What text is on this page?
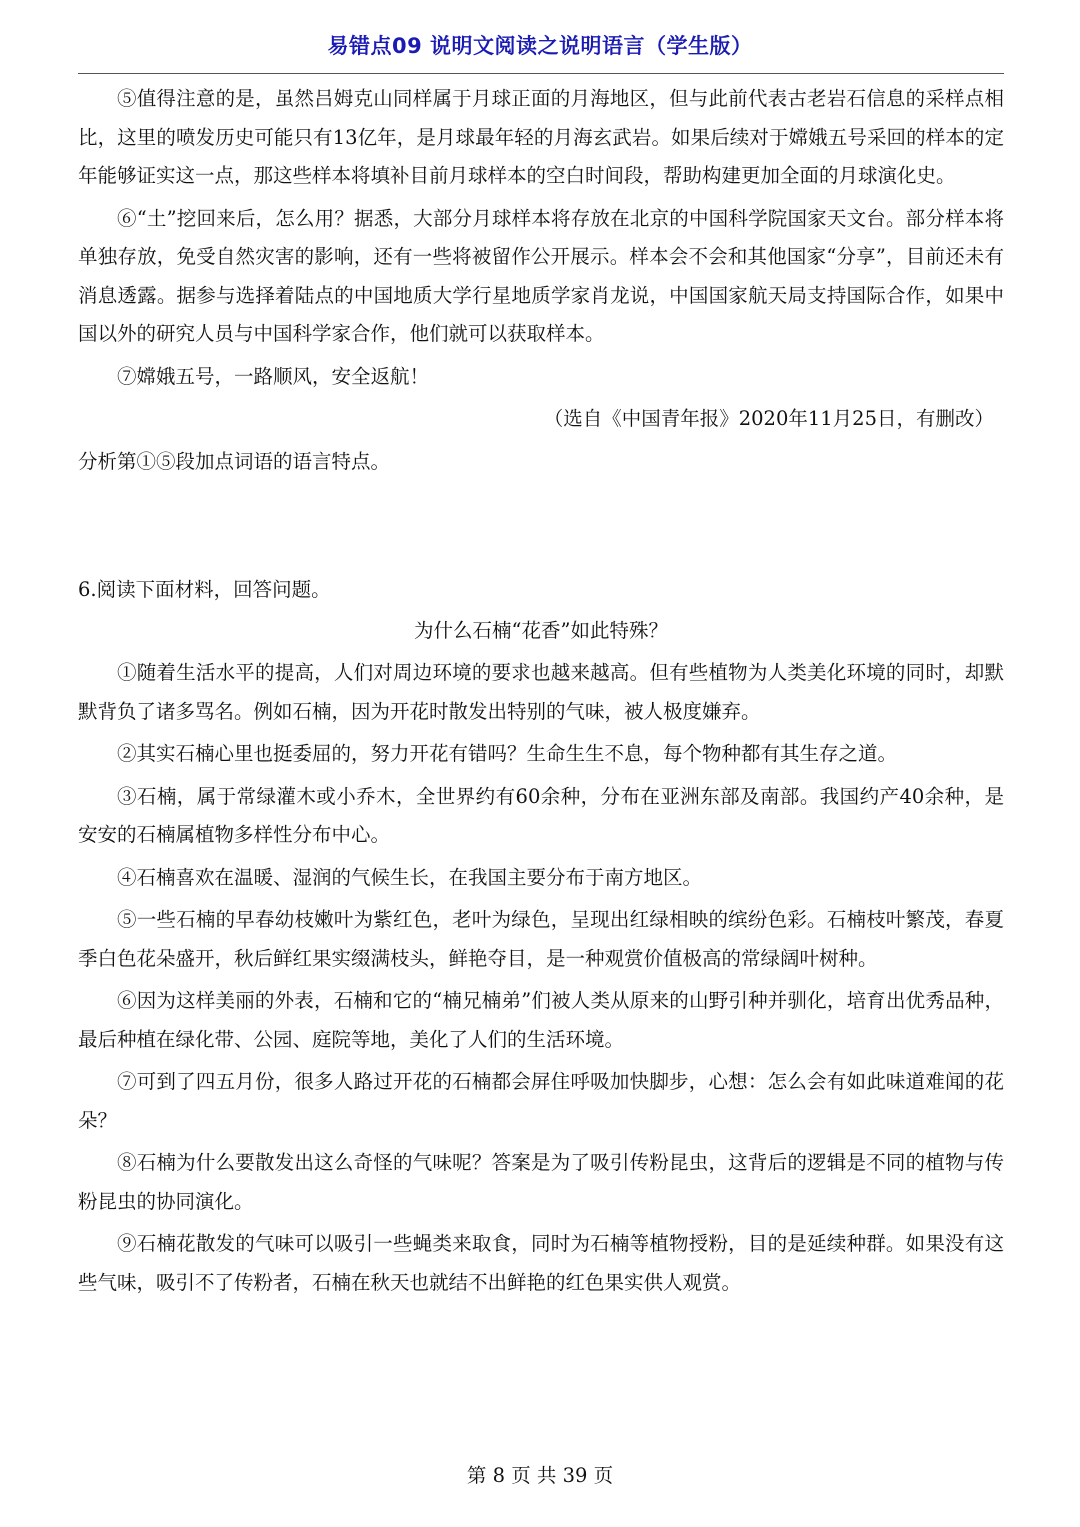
易错点09 说明文阅读之说明语言（学生版）

⑤值得注意的是，虽然吕姆克山同样属于月球正面的月海地区，但与此前代表古老岩石信息的采样点相比，这里的喷发历史可能只有13亿年，是月球最年轻的月海玄武岩。如果后续对于嫦娥五号采回的样本的定年能够证实这一点，那这些样本将填补目前月球样本的空白时间段，帮助构建更加全面的月球演化史。

⑥“土”挖回来后，怎么用？据悉，大部分月球样本将存放在北京的中国科学院国家天文台。部分样本将单独存放，免受自然灾害的影响，还有一些将被留作公开展示。样本会不会和其他国家“分享”，目前还未有消息透露。据参与选择着陆点的中国地质大学行星地质学家肖龙说，中国国家航天局支持国际合作，如果中国以外的研究人员与中国科学家合作，他们就可以获取样本。

⑦嫦娥五号，一路顺风，安全返航！

（选自《中国青年报》2020年11月25日，有删改）

分析第①⑤段加点词语的语言特点。

6.阅读下面材料，回答问题。

为什么石楠“花香”如此特殊？

①随着生活水平的提高，人们对周边环境的要求也越来越高。但有些植物为人类美化环境的同时，却默默背负了诸多骂名。例如石楠，因为开花时散发出特别的气味，被人极度嫌弃。

②其实石楠心里也挺委屈的，努力开花有错吗？生命生生不息，每个物种都有其生存之道。

③石楠，属于常绿灌木或小乔木，全世界约有60余种，分布在亚洲东部及南部。我国约产40余种，是安安的石楠属植物多样性分布中心。

④石楠喜欢在温暖、湿润的气候生长，在我国主要分布于南方地区。

⑤一些石楠的早春幼枝嫩叶为紫红色，老叶为绿色，呈现出红绿相映的缤纷色彩。石楠枝叶繁茂，春夏季白色花朵盛开，秋后鲜红果实缀满枝头，鲜艳夺目，是一种观赏价值极高的常绿阔叶树种。

⑥因为这样美丽的外表，石楠和它的“楠兄楠弟”们被人类从原来的山野引种并驯化，培育出优秀品种，最后种植在绿化带、公园、庭院等地，美化了人们的生活环境。

⑦可到了四五月份，很多人路过开花的石楠都会屏住呼吸加快脚步，心想：怎么会有如此味道难闻的花朵？

⑧石楠为什么要散发出这么奇怪的气味呢？答案是为了吸引传粉昆虫，这背后的逻辑是不同的植物与传粉昆虫的协同演化。

⑨石楠花散发的气味可以吸引一些蝇类来取食，同时为石楠等植物授粉，目的是延续种群。如果没有这些气味，吸引不了传粉者，石楠在秋天也就结不出鲜艳的红色果实供人观赏。

第 8 页 共 39 页
